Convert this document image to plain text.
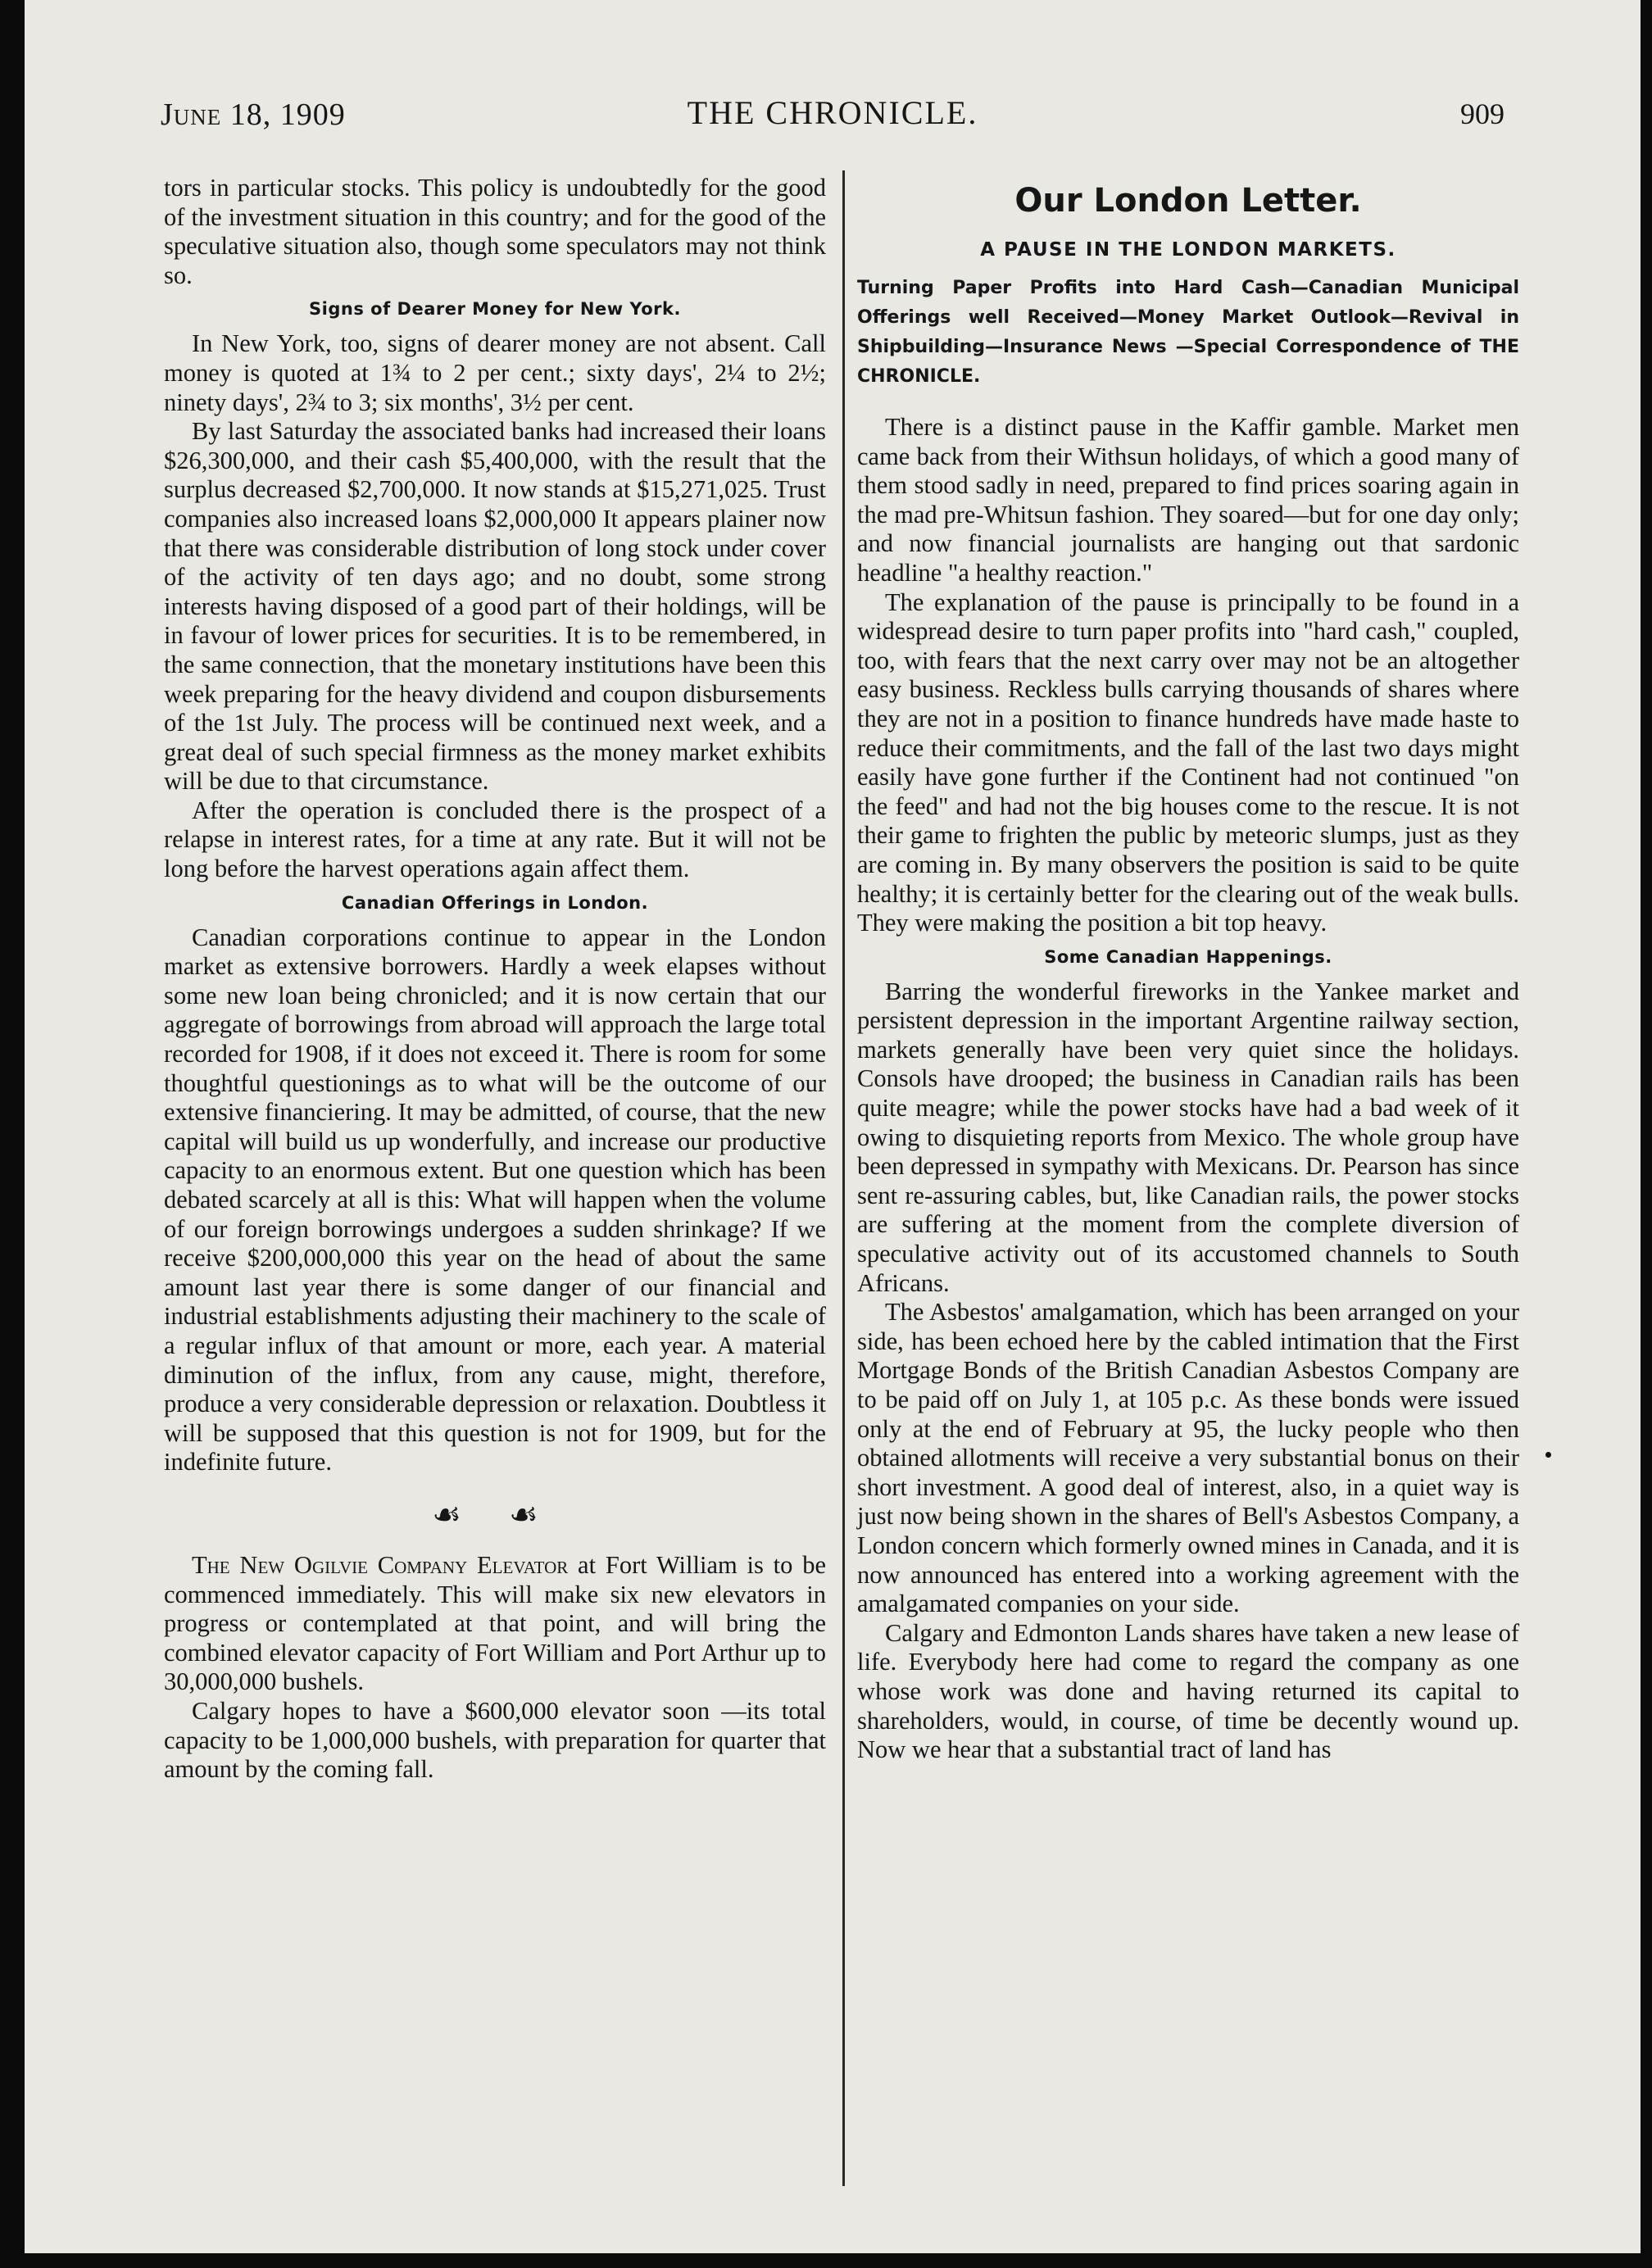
June 18, 1909	THE CHRONICLE.	909

tors in particular stocks. This policy is undoubtedly for the good of the investment situation in this country; and for the good of the speculative situation also, though some speculators may not think so.

Signs of Dearer Money for New York.

In New York, too, signs of dearer money are not absent. Call money is quoted at 1¾ to 2 per cent.; sixty days', 2¼ to 2½; ninety days', 2¾ to 3; six months', 3½ per cent.

By last Saturday the associated banks had increased their loans $26,300,000, and their cash $5,400,000, with the result that the surplus decreased $2,700,000. It now stands at $15,271,025. Trust companies also increased loans $2,000,000 It appears plainer now that there was considerable distribution of long stock under cover of the activity of ten days ago; and no doubt, some strong interests having disposed of a good part of their holdings, will be in favour of lower prices for securities. It is to be remembered, in the same connection, that the monetary institutions have been this week preparing for the heavy dividend and coupon disbursements of the 1st July. The process will be continued next week, and a great deal of such special firmness as the money market exhibits will be due to that circumstance.

After the operation is concluded there is the prospect of a relapse in interest rates, for a time at any rate. But it will not be long before the harvest operations again affect them.

Canadian Offerings in London.

Canadian corporations continue to appear in the London market as extensive borrowers. Hardly a week elapses without some new loan being chronicled; and it is now certain that our aggregate of borrowings from abroad will approach the large total recorded for 1908, if it does not exceed it. There is room for some thoughtful questionings as to what will be the outcome of our extensive financiering. It may be admitted, of course, that the new capital will build us up wonderfully, and increase our productive capacity to an enormous extent. But one question which has been debated scarcely at all is this: What will happen when the volume of our foreign borrowings undergoes a sudden shrinkage? If we receive $200,000,000 this year on the head of about the same amount last year there is some danger of our financial and industrial establishments adjusting their machinery to the scale of a regular influx of that amount or more, each year. A material diminution of the influx, from any cause, might, therefore, produce a very considerable depression or relaxation. Doubtless it will be supposed that this question is not for 1909, but for the indefinite future.

☙ ☙

The New Ogilvie Company Elevator at Fort William is to be commenced immediately. This will make six new elevators in progress or contemplated at that point, and will bring the combined elevator capacity of Fort William and Port Arthur up to 30,000,000 bushels.

Calgary hopes to have a $600,000 elevator soon —its total capacity to be 1,000,000 bushels, with preparation for quarter that amount by the coming fall.

Our London Letter.
A PAUSE IN THE LONDON MARKETS.
Turning Paper Profits into Hard Cash—Canadian Municipal Offerings well Received—Money Market Outlook—Revival in Shipbuilding—Insurance News —Special Correspondence of THE CHRONICLE.

There is a distinct pause in the Kaffir gamble. Market men came back from their Withsun holidays, of which a good many of them stood sadly in need, prepared to find prices soaring again in the mad pre-Whitsun fashion. They soared—but for one day only; and now financial journalists are hanging out that sardonic headline "a healthy reaction."

The explanation of the pause is principally to be found in a widespread desire to turn paper profits into "hard cash," coupled, too, with fears that the next carry over may not be an altogether easy business. Reckless bulls carrying thousands of shares where they are not in a position to finance hundreds have made haste to reduce their commitments, and the fall of the last two days might easily have gone further if the Continent had not continued "on the feed" and had not the big houses come to the rescue. It is not their game to frighten the public by meteoric slumps, just as they are coming in. By many observers the position is said to be quite healthy; it is certainly better for the clearing out of the weak bulls. They were making the position a bit top heavy.

Some Canadian Happenings.

Barring the wonderful fireworks in the Yankee market and persistent depression in the important Argentine railway section, markets generally have been very quiet since the holidays. Consols have drooped; the business in Canadian rails has been quite meagre; while the power stocks have had a bad week of it owing to disquieting reports from Mexico. The whole group have been depressed in sympathy with Mexicans. Dr. Pearson has since sent re-assuring cables, but, like Canadian rails, the power stocks are suffering at the moment from the complete diversion of speculative activity out of its accustomed channels to South Africans.

The Asbestos' amalgamation, which has been arranged on your side, has been echoed here by the cabled intimation that the First Mortgage Bonds of the British Canadian Asbestos Company are to be paid off on July 1, at 105 p.c. As these bonds were issued only at the end of February at 95, the lucky people who then obtained allotments will receive a very substantial bonus on their short investment. A good deal of interest, also, in a quiet way is just now being shown in the shares of Bell's Asbestos Company, a London concern which formerly owned mines in Canada, and it is now announced has entered into a working agreement with the amalgamated companies on your side.

Calgary and Edmonton Lands shares have taken a new lease of life. Everybody here had come to regard the company as one whose work was done and having returned its capital to shareholders, would, in course, of time be decently wound up. Now we hear that a substantial tract of land has
